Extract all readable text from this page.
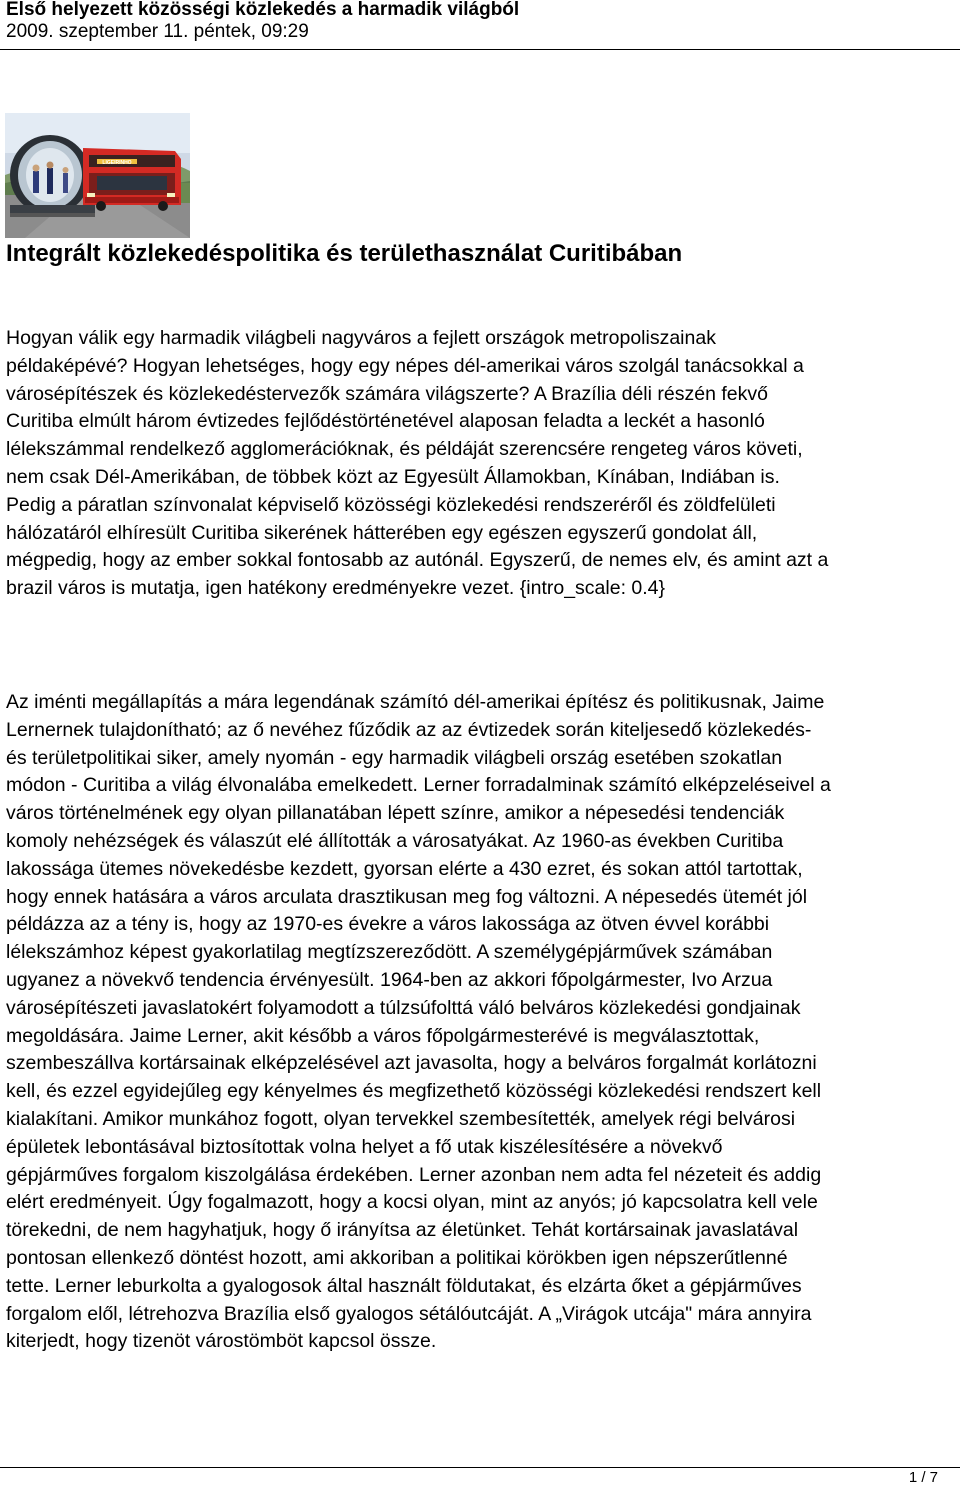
Első helyezett közösségi közlekedés a harmadik világból
2009. szeptember 11. péntek, 09:29
LIGEIRINHO
Integrált közlekedéspolitika és területhasználat Curitibában
Hogyan válik egy harmadik világbeli nagyváros a fejlett országok metropoliszainak
példaképévé? Hogyan lehetséges, hogy egy népes dél-amerikai város szolgál tanácsokkal a
városépítészek és közlekedéstervezők számára világszerte? A Brazília déli részén fekvő
Curitiba elmúlt három évtizedes fejlődéstörténetével alaposan feladta a leckét a hasonló
lélekszámmal rendelkező agglomerációknak, és példáját szerencsére rengeteg város követi,
nem csak Dél-Amerikában, de többek közt az Egyesült Államokban, Kínában, Indiában is.
Pedig a páratlan színvonalat képviselő közösségi közlekedési rendszeréről és zöldfelületi
hálózatáról elhíresült Curitiba sikerének hátterében egy egészen egyszerű gondolat áll,
mégpedig, hogy az ember sokkal fontosabb az autónál. Egyszerű, de nemes elv, és amint azt a
brazil város is mutatja, igen hatékony eredményekre vezet. {intro_scale: 0.4}
Az iménti megállapítás a mára legendának számító dél-amerikai építész és politikusnak, Jaime
Lernernek tulajdonítható; az ő nevéhez fűződik az az évtizedek során kiteljesedő közlekedés-
és területpolitikai siker, amely nyomán - egy harmadik világbeli ország esetében szokatlan
módon - Curitiba a világ élvonalába emelkedett. Lerner forradalminak számító elképzeléseivel a
város történelmének egy olyan pillanatában lépett színre, amikor a népesedési tendenciák
komoly nehézségek és válaszút elé állították a városatyákat. Az 1960-as években Curitiba
lakossága ütemes növekedésbe kezdett, gyorsan elérte a 430 ezret, és sokan attól tartottak,
hogy ennek hatására a város arculata drasztikusan meg fog változni. A népesedés ütemét jól
példázza az a tény is, hogy az 1970-es évekre a város lakossága az ötven évvel korábbi
lélekszámhoz képest gyakorlatilag megtízszereződött. A személygépjárművek számában
ugyanez a növekvő tendencia érvényesült. 1964-ben az akkori főpolgármester, Ivo Arzua
városépítészeti javaslatokért folyamodott a túlzsúfolttá váló belváros közlekedési gondjainak
megoldására. Jaime Lerner, akit később a város főpolgármesterévé is megválasztottak,
szembeszállva kortársainak elképzelésével azt javasolta, hogy a belváros forgalmát korlátozni
kell, és ezzel egyidejűleg egy kényelmes és megfizethető közösségi közlekedési rendszert kell
kialakítani. Amikor munkához fogott, olyan tervekkel szembesítették, amelyek régi belvárosi
épületek lebontásával biztosítottak volna helyet a fő utak kiszélesítésére a növekvő
gépjárműves forgalom kiszolgálása érdekében. Lerner azonban nem adta fel nézeteit és addig
elért eredményeit. Úgy fogalmazott, hogy a kocsi olyan, mint az anyós; jó kapcsolatra kell vele
törekedni, de nem hagyhatjuk, hogy ő irányítsa az életünket. Tehát kortársainak javaslatával
pontosan ellenkező döntést hozott, ami akkoriban a politikai körökben igen népszerűtlenné
tette. Lerner leburkolta a gyalogosok által használt földutakat, és elzárta őket a gépjárműves
forgalom elől, létrehozva Brazília első gyalogos sétálóutcáját. A „Virágok utcája" mára annyira
kiterjedt, hogy tizenöt várostömböt kapcsol össze.
1 / 7
